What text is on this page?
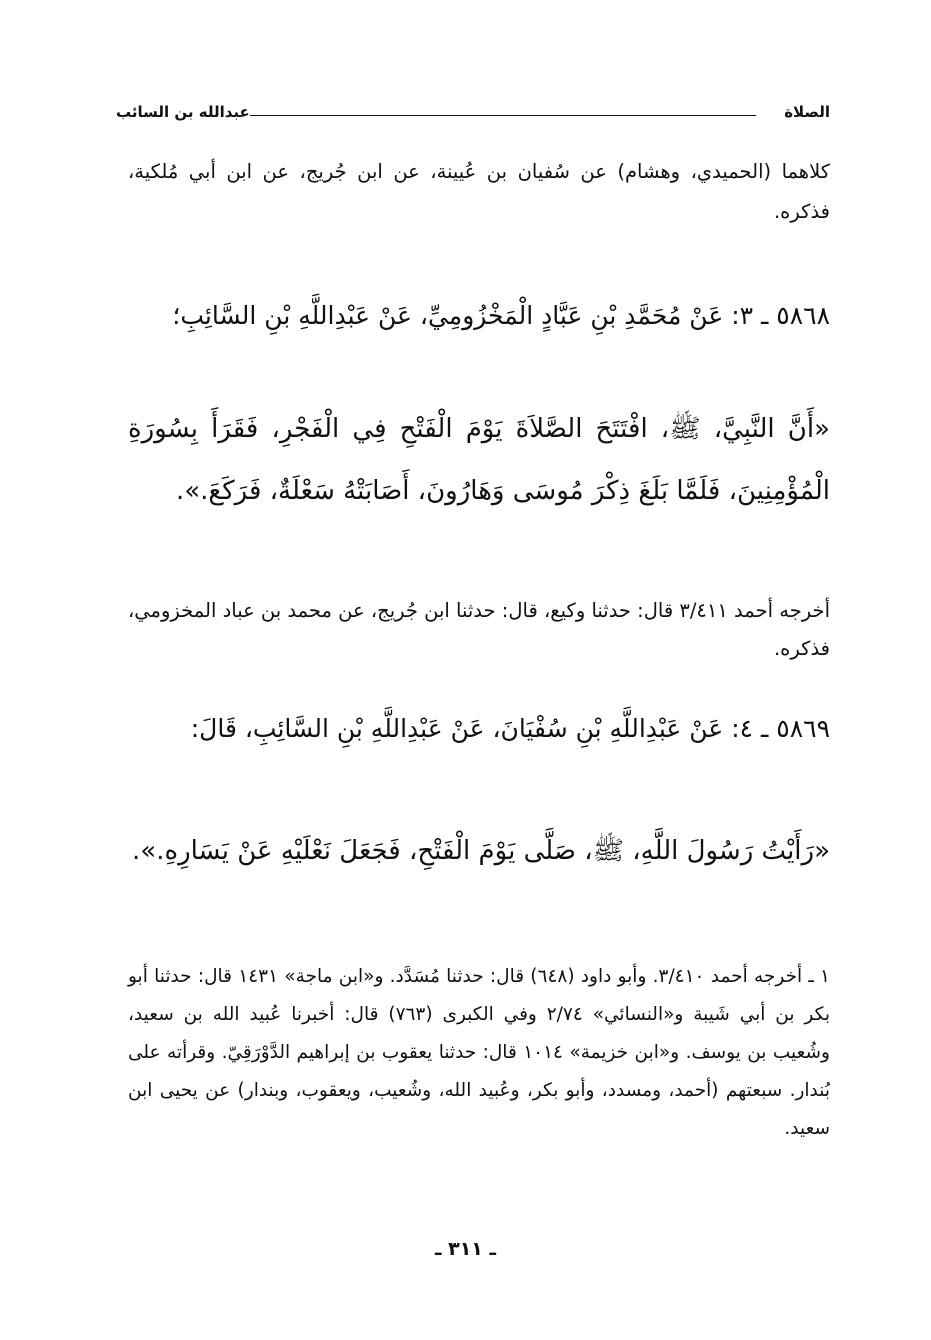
الصلاة
عبدالله بن السائب

كلاهما (الحميدي، وهشام) عن سُفيان بن عُيينة، عن ابن جُريج، عن ابن أبي مُلكية، فذكره.

٥٨٦٨ ـ ٣: عَنْ مُحَمَّدِ بْنِ عَبَّادٍ الْمَخْزُومِيِّ، عَنْ عَبْدِاللَّهِ بْنِ السَّائِبِ؛

«أَنَّ النَّبِيَّ، ﷺ، افْتَتَحَ الصَّلاَةَ يَوْمَ الْفَتْحِ فِي الْفَجْرِ، فَقَرَأَ بِسُورَةِ الْمُؤْمِنِينَ، فَلَمَّا بَلَغَ ذِكْرَ مُوسَى وَهَارُونَ، أَصَابَتْهُ سَعْلَةٌ، فَرَكَعَ.».

أخرجه أحمد ٣/٤١١ قال: حدثنا وكيع، قال: حدثنا ابن جُريج، عن محمد بن عباد المخزومي، فذكره.

٥٨٦٩ ـ ٤: عَنْ عَبْدِاللَّهِ بْنِ سُفْيَانَ، عَنْ عَبْدِاللَّهِ بْنِ السَّائِبِ، قَالَ:

«رَأَيْتُ رَسُولَ اللَّهِ، ﷺ، صَلَّى يَوْمَ الْفَتْحِ، فَجَعَلَ نَعْلَيْهِ عَنْ يَسَارِهِ.».

١ ـ أخرجه أحمد ٣/٤١٠. وأبو داود (٦٤٨) قال: حدثنا مُسَدَّد. و«ابن ماجة» ١٤٣١ قال: حدثنا أبو بكر بن أبي شَيبة و«النسائي» ٢/٧٤ وفي الكبرى (٧٦٣) قال: أخبرنا عُبيد الله بن سعيد، وشُعيب بن يوسف. و«ابن خزيمة» ١٠١٤ قال: حدثنا يعقوب بن إبراهيم الدَّوْرَقِيّ. وقرأته على بُندار. سبعتهم (أحمد، ومسدد، وأبو بكر، وعُبيد الله، وشُعيب، ويعقوب، وبندار) عن يحيى ابن سعيد.

ـ ٣١١ ـ
